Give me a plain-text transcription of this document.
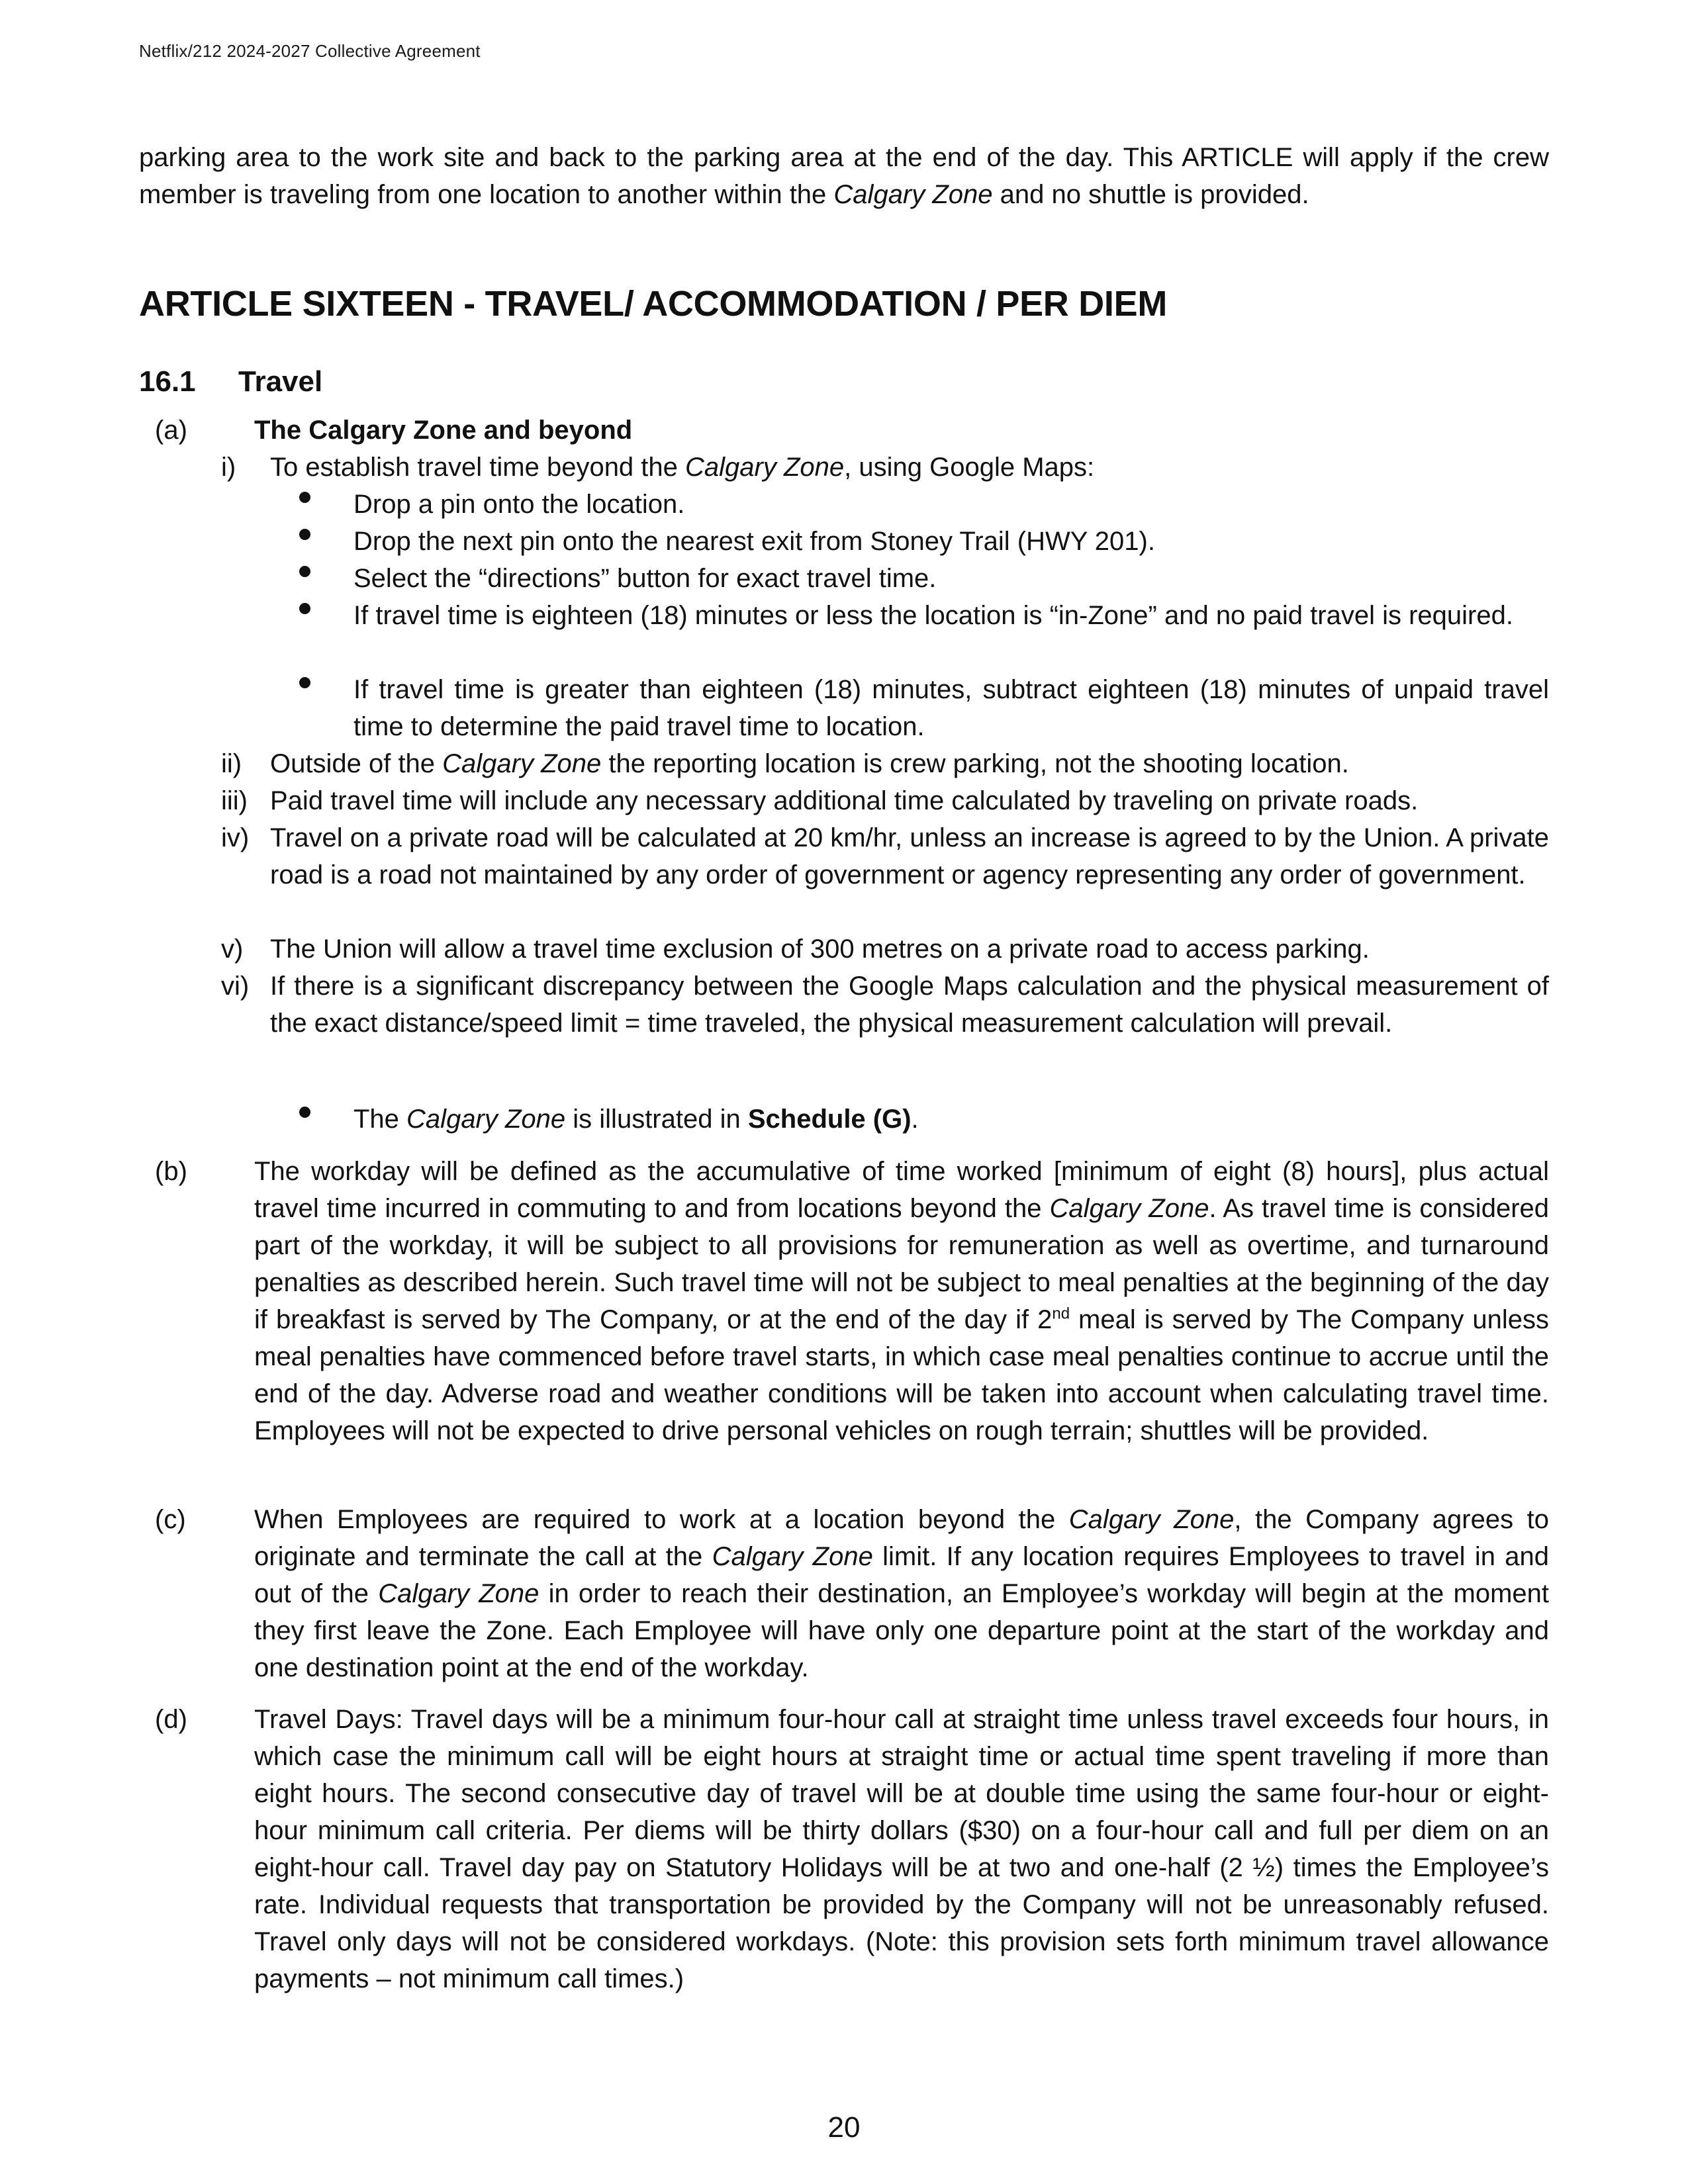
Netflix/212 2024-2027 Collective Agreement

parking area to the work site and back to the parking area at the end of the day. This ARTICLE will apply if the crew member is traveling from one location to another within the Calgary Zone and no shuttle is provided.

ARTICLE SIXTEEN - TRAVEL/ ACCOMMODATION / PER DIEM
16.1 Travel
(a)	The Calgary Zone and beyond
i) To establish travel time beyond the Calgary Zone, using Google Maps:
Drop a pin onto the location.
Drop the next pin onto the nearest exit from Stoney Trail (HWY 201).
Select the “directions” button for exact travel time.
If travel time is eighteen (18) minutes or less the location is “in-Zone” and no paid travel is required.
If travel time is greater than eighteen (18) minutes, subtract eighteen (18) minutes of unpaid travel time to determine the paid travel time to location.
ii) Outside of the Calgary Zone the reporting location is crew parking, not the shooting location.
iii) Paid travel time will include any necessary additional time calculated by traveling on private roads.
iv) Travel on a private road will be calculated at 20 km/hr, unless an increase is agreed to by the Union. A private road is a road not maintained by any order of government or agency representing any order of government.
v) The Union will allow a travel time exclusion of 300 metres on a private road to access parking.
vi) If there is a significant discrepancy between the Google Maps calculation and the physical measurement of the exact distance/speed limit = time traveled, the physical measurement calculation will prevail.
The Calgary Zone is illustrated in Schedule (G).
(b)	The workday will be defined as the accumulative of time worked [minimum of eight (8) hours], plus actual travel time incurred in commuting to and from locations beyond the Calgary Zone. As travel time is considered part of the workday, it will be subject to all provisions for remuneration as well as overtime, and turnaround penalties as described herein. Such travel time will not be subject to meal penalties at the beginning of the day if breakfast is served by The Company, or at the end of the day if 2nd meal is served by The Company unless meal penalties have commenced before travel starts, in which case meal penalties continue to accrue until the end of the day. Adverse road and weather conditions will be taken into account when calculating travel time. Employees will not be expected to drive personal vehicles on rough terrain; shuttles will be provided.
(c)	When Employees are required to work at a location beyond the Calgary Zone, the Company agrees to originate and terminate the call at the Calgary Zone limit. If any location requires Employees to travel in and out of the Calgary Zone in order to reach their destination, an Employee’s workday will begin at the moment they first leave the Zone. Each Employee will have only one departure point at the start of the workday and one destination point at the end of the workday.
(d)	Travel Days: Travel days will be a minimum four-hour call at straight time unless travel exceeds four hours, in which case the minimum call will be eight hours at straight time or actual time spent traveling if more than eight hours. The second consecutive day of travel will be at double time using the same four-hour or eight-hour minimum call criteria. Per diems will be thirty dollars ($30) on a four-hour call and full per diem on an eight-hour call. Travel day pay on Statutory Holidays will be at two and one-half (2 ½) times the Employee’s rate. Individual requests that transportation be provided by the Company will not be unreasonably refused. Travel only days will not be considered workdays. (Note: this provision sets forth minimum travel allowance payments – not minimum call times.)
20
